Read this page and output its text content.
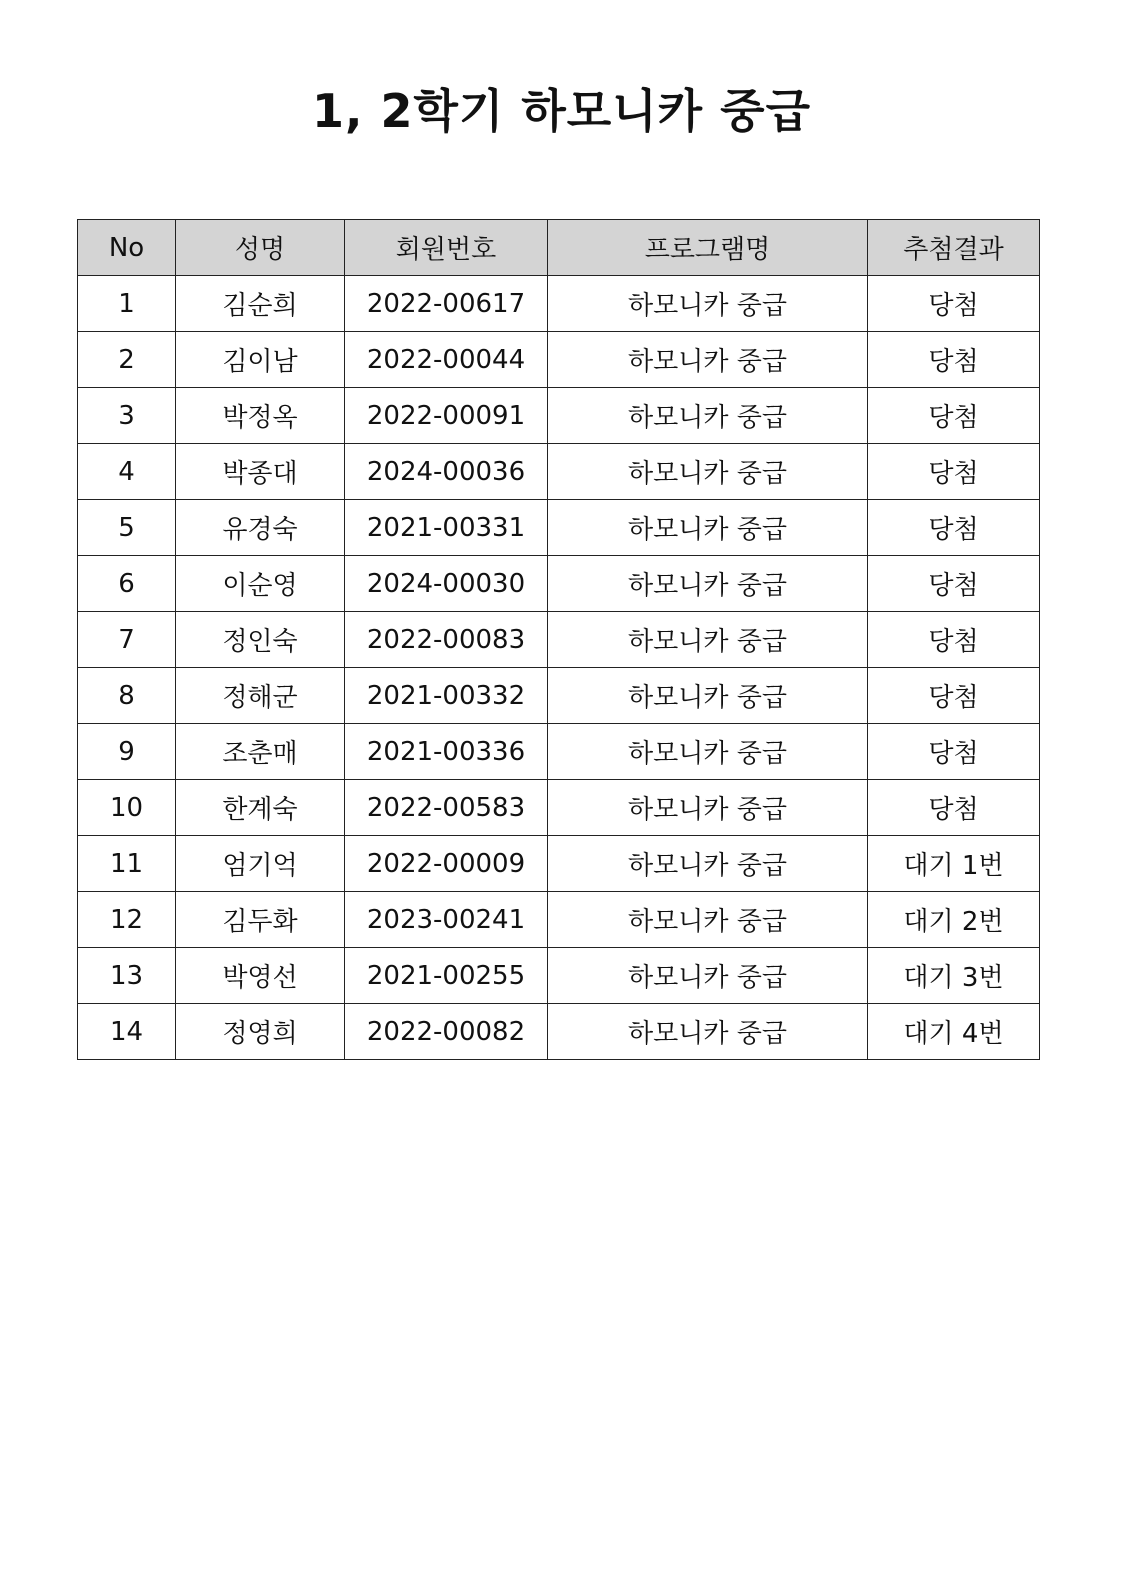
1, 2학기 하모니카 중급
No	성명	회원번호	프로그램명	추첨결과
1	김순희	2022-00617	하모니카 중급	당첨
2	김이남	2022-00044	하모니카 중급	당첨
3	박정옥	2022-00091	하모니카 중급	당첨
4	박종대	2024-00036	하모니카 중급	당첨
5	유경숙	2021-00331	하모니카 중급	당첨
6	이순영	2024-00030	하모니카 중급	당첨
7	정인숙	2022-00083	하모니카 중급	당첨
8	정해군	2021-00332	하모니카 중급	당첨
9	조춘매	2021-00336	하모니카 중급	당첨
10	한계숙	2022-00583	하모니카 중급	당첨
11	엄기억	2022-00009	하모니카 중급	대기 1번
12	김두화	2023-00241	하모니카 중급	대기 2번
13	박영선	2021-00255	하모니카 중급	대기 3번
14	정영희	2022-00082	하모니카 중급	대기 4번
